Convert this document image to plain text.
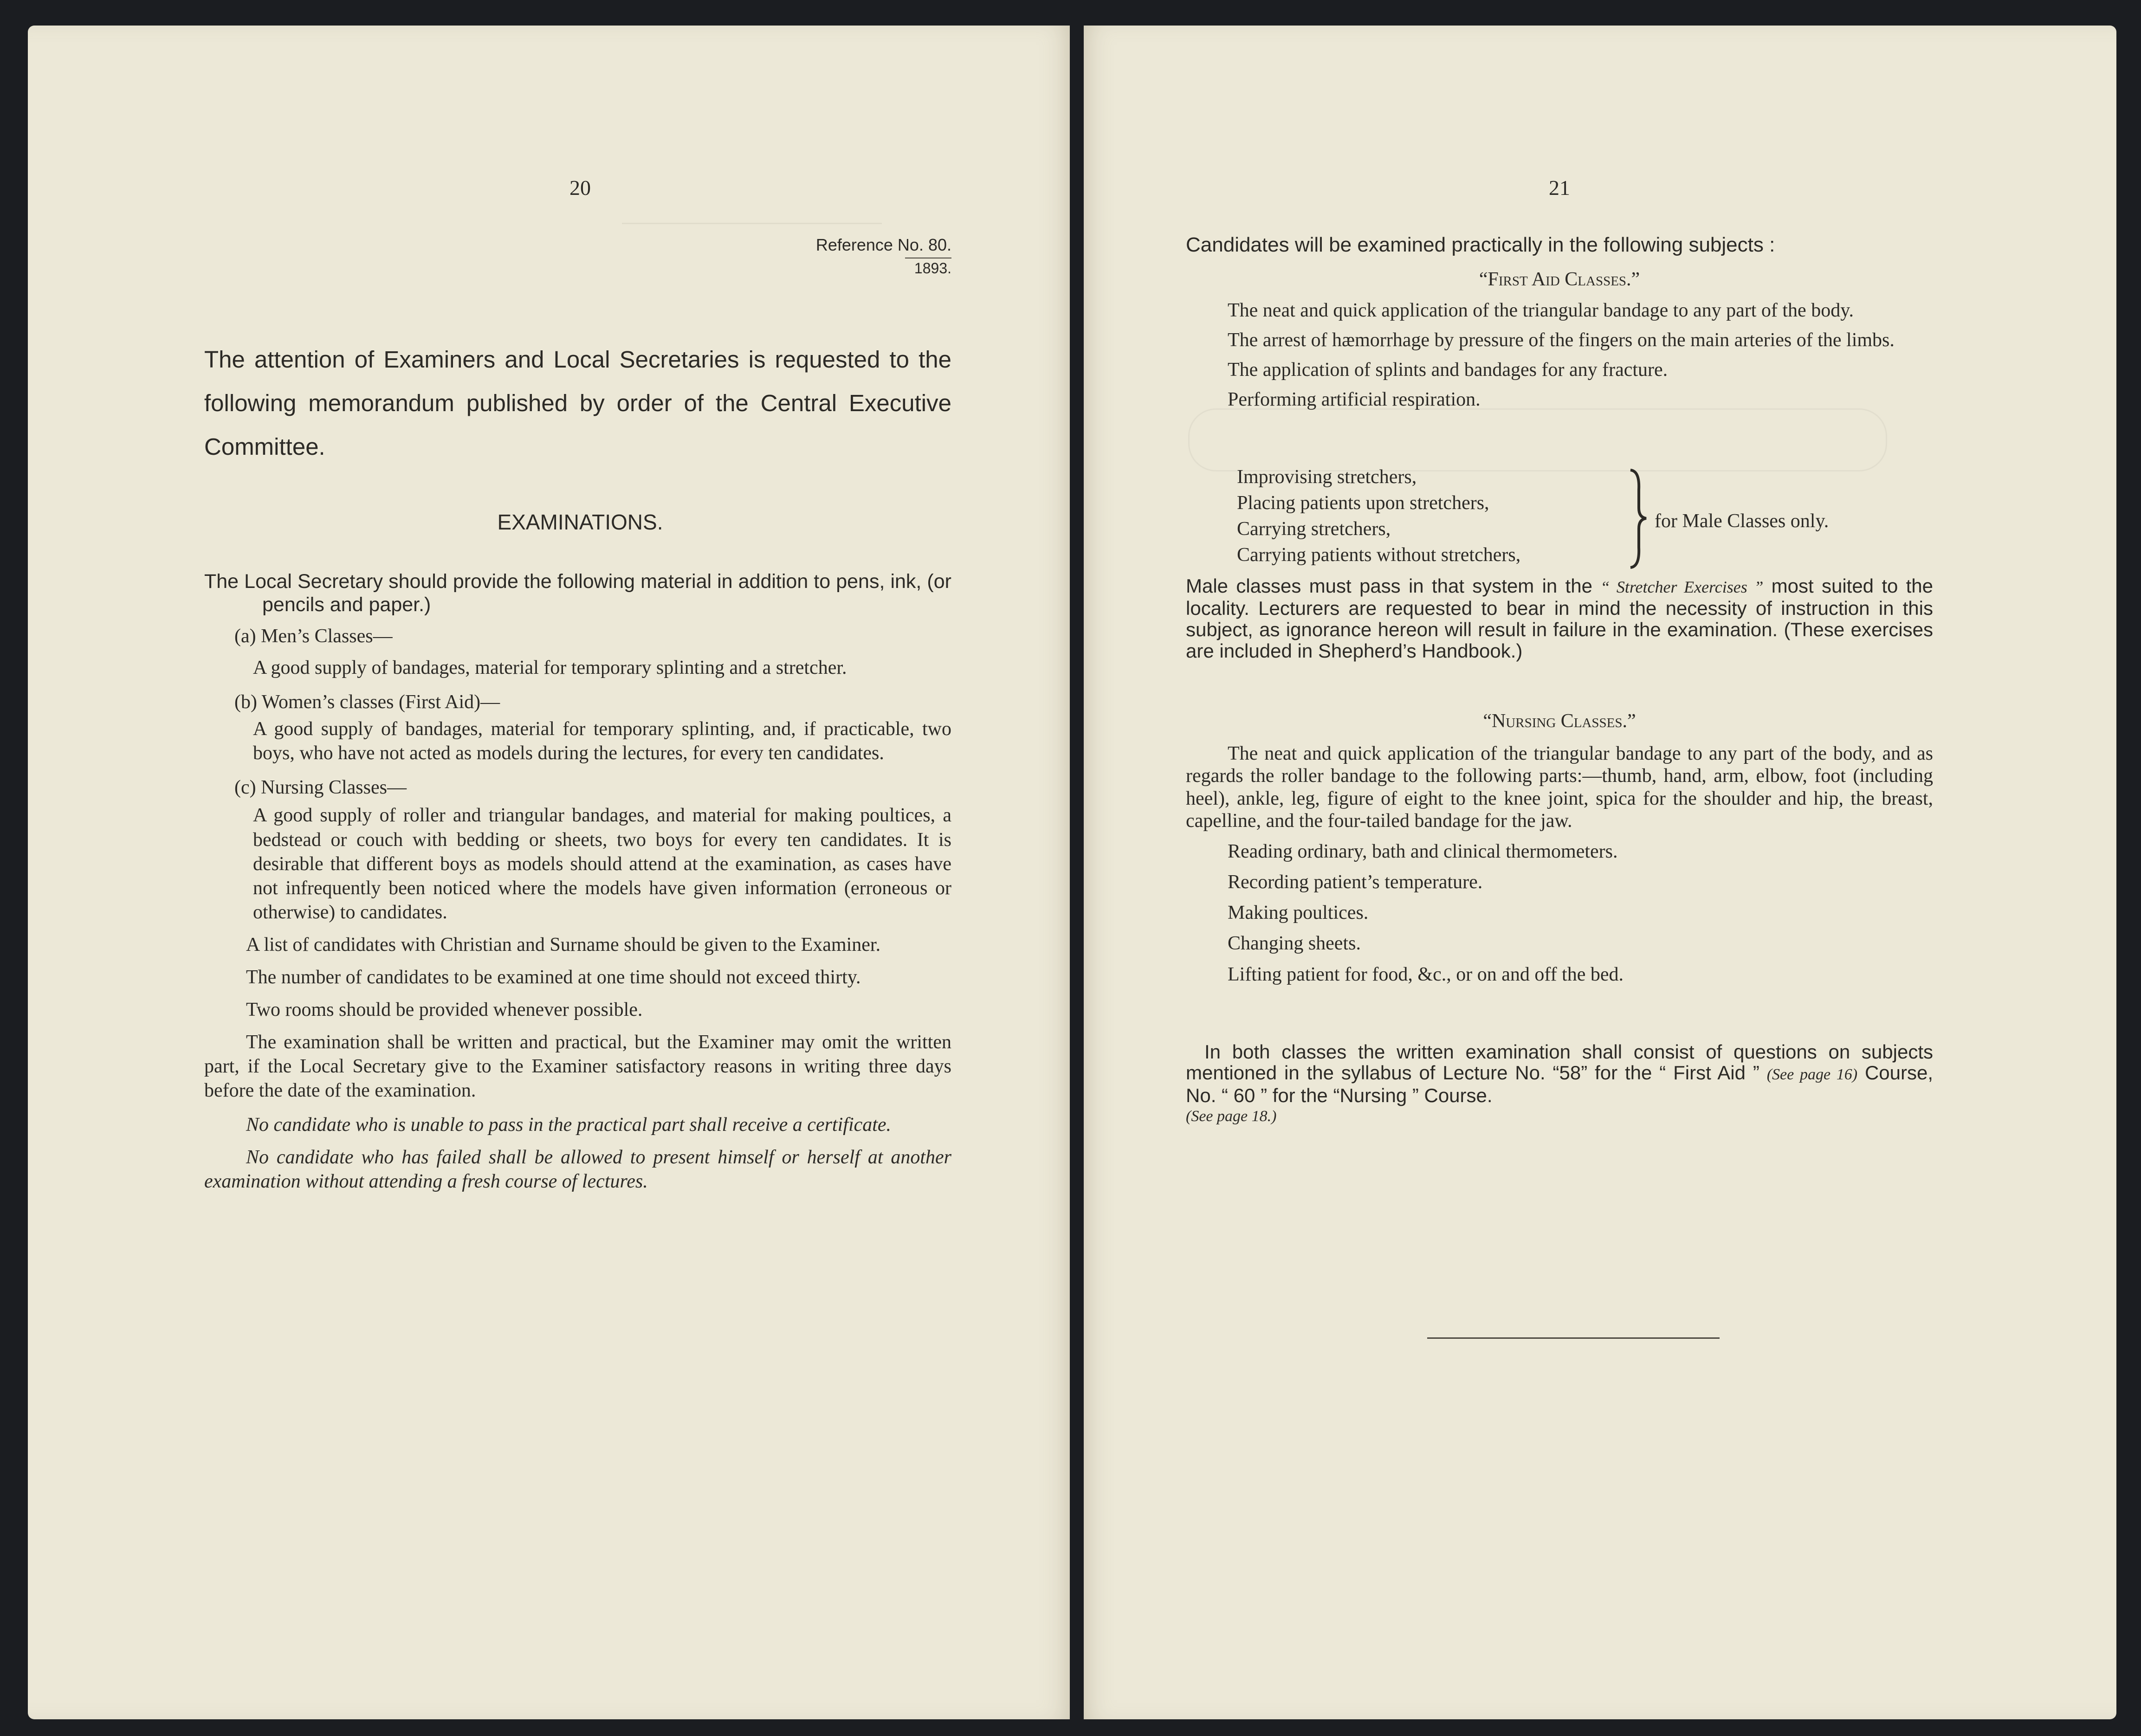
20
Reference No. 80.
1893.
The attention of Examiners and Local Secretaries is requested to the following memorandum published by order of the Central Executive Committee.
EXAMINATIONS.
The Local Secretary should provide the following material in addition to pens, ink, (or pencils and paper.)
(a) Men’s Classes—
A good supply of bandages, material for temporary splinting and a stretcher.
(b) Women’s classes (First Aid)—
A good supply of bandages, material for temporary splinting, and, if practicable, two boys, who have not acted as models during the lectures, for every ten candidates.
(c) Nursing Classes—
A good supply of roller and triangular bandages, and material for making poultices, a bedstead or couch with bedding or sheets, two boys for every ten candidates. It is desirable that different boys as models should attend at the examination, as cases have not infrequently been noticed where the models have given information (erroneous or otherwise) to candidates.
A list of candidates with Christian and Surname should be given to the Examiner.
The number of candidates to be examined at one time should not exceed thirty.
Two rooms should be provided whenever possible.
The examination shall be written and practical, but the Examiner may omit the written part, if the Local Secretary give to the Examiner satisfactory reasons in writing three days before the date of the examination.
No candidate who is unable to pass in the practical part shall receive a certificate.
No candidate who has failed shall be allowed to present himself or herself at another examination without attending a fresh course of lectures.
21
Candidates will be examined practically in the following subjects :
“First Aid Classes.”
The neat and quick application of the triangular bandage to any part of the body.
The arrest of hæmorrhage by pressure of the fingers on the main arteries of the limbs.
The application of splints and bandages for any fracture.
Performing artificial respiration.
Improvising stretchers,
Placing patients upon stretchers,
Carrying stretchers,
Carrying patients without stretchers,
for Male Classes only.
Male classes must pass in that system in the “ Stretcher Exercises ” most suited to the locality. Lecturers are requested to bear in mind the necessity of instruction in this subject, as ignorance hereon will result in failure in the examination. (These exercises are included in Shepherd’s Handbook.)
“Nursing Classes.”
The neat and quick application of the triangular bandage to any part of the body, and as regards the roller bandage to the following parts:—thumb, hand, arm, elbow, foot (including heel), ankle, leg, figure of eight to the knee joint, spica for the shoulder and hip, the breast, capelline, and the four-tailed bandage for the jaw.
Reading ordinary, bath and clinical thermometers.
Recording patient’s temperature.
Making poultices.
Changing sheets.
Lifting patient for food, &c., or on and off the bed.
In both classes the written examination shall consist of questions on subjects mentioned in the syllabus of Lecture No. “58” for the “ First Aid ” (See page 16) Course, No. “ 60 ” for the “Nursing ” Course.
(See page 18.)
